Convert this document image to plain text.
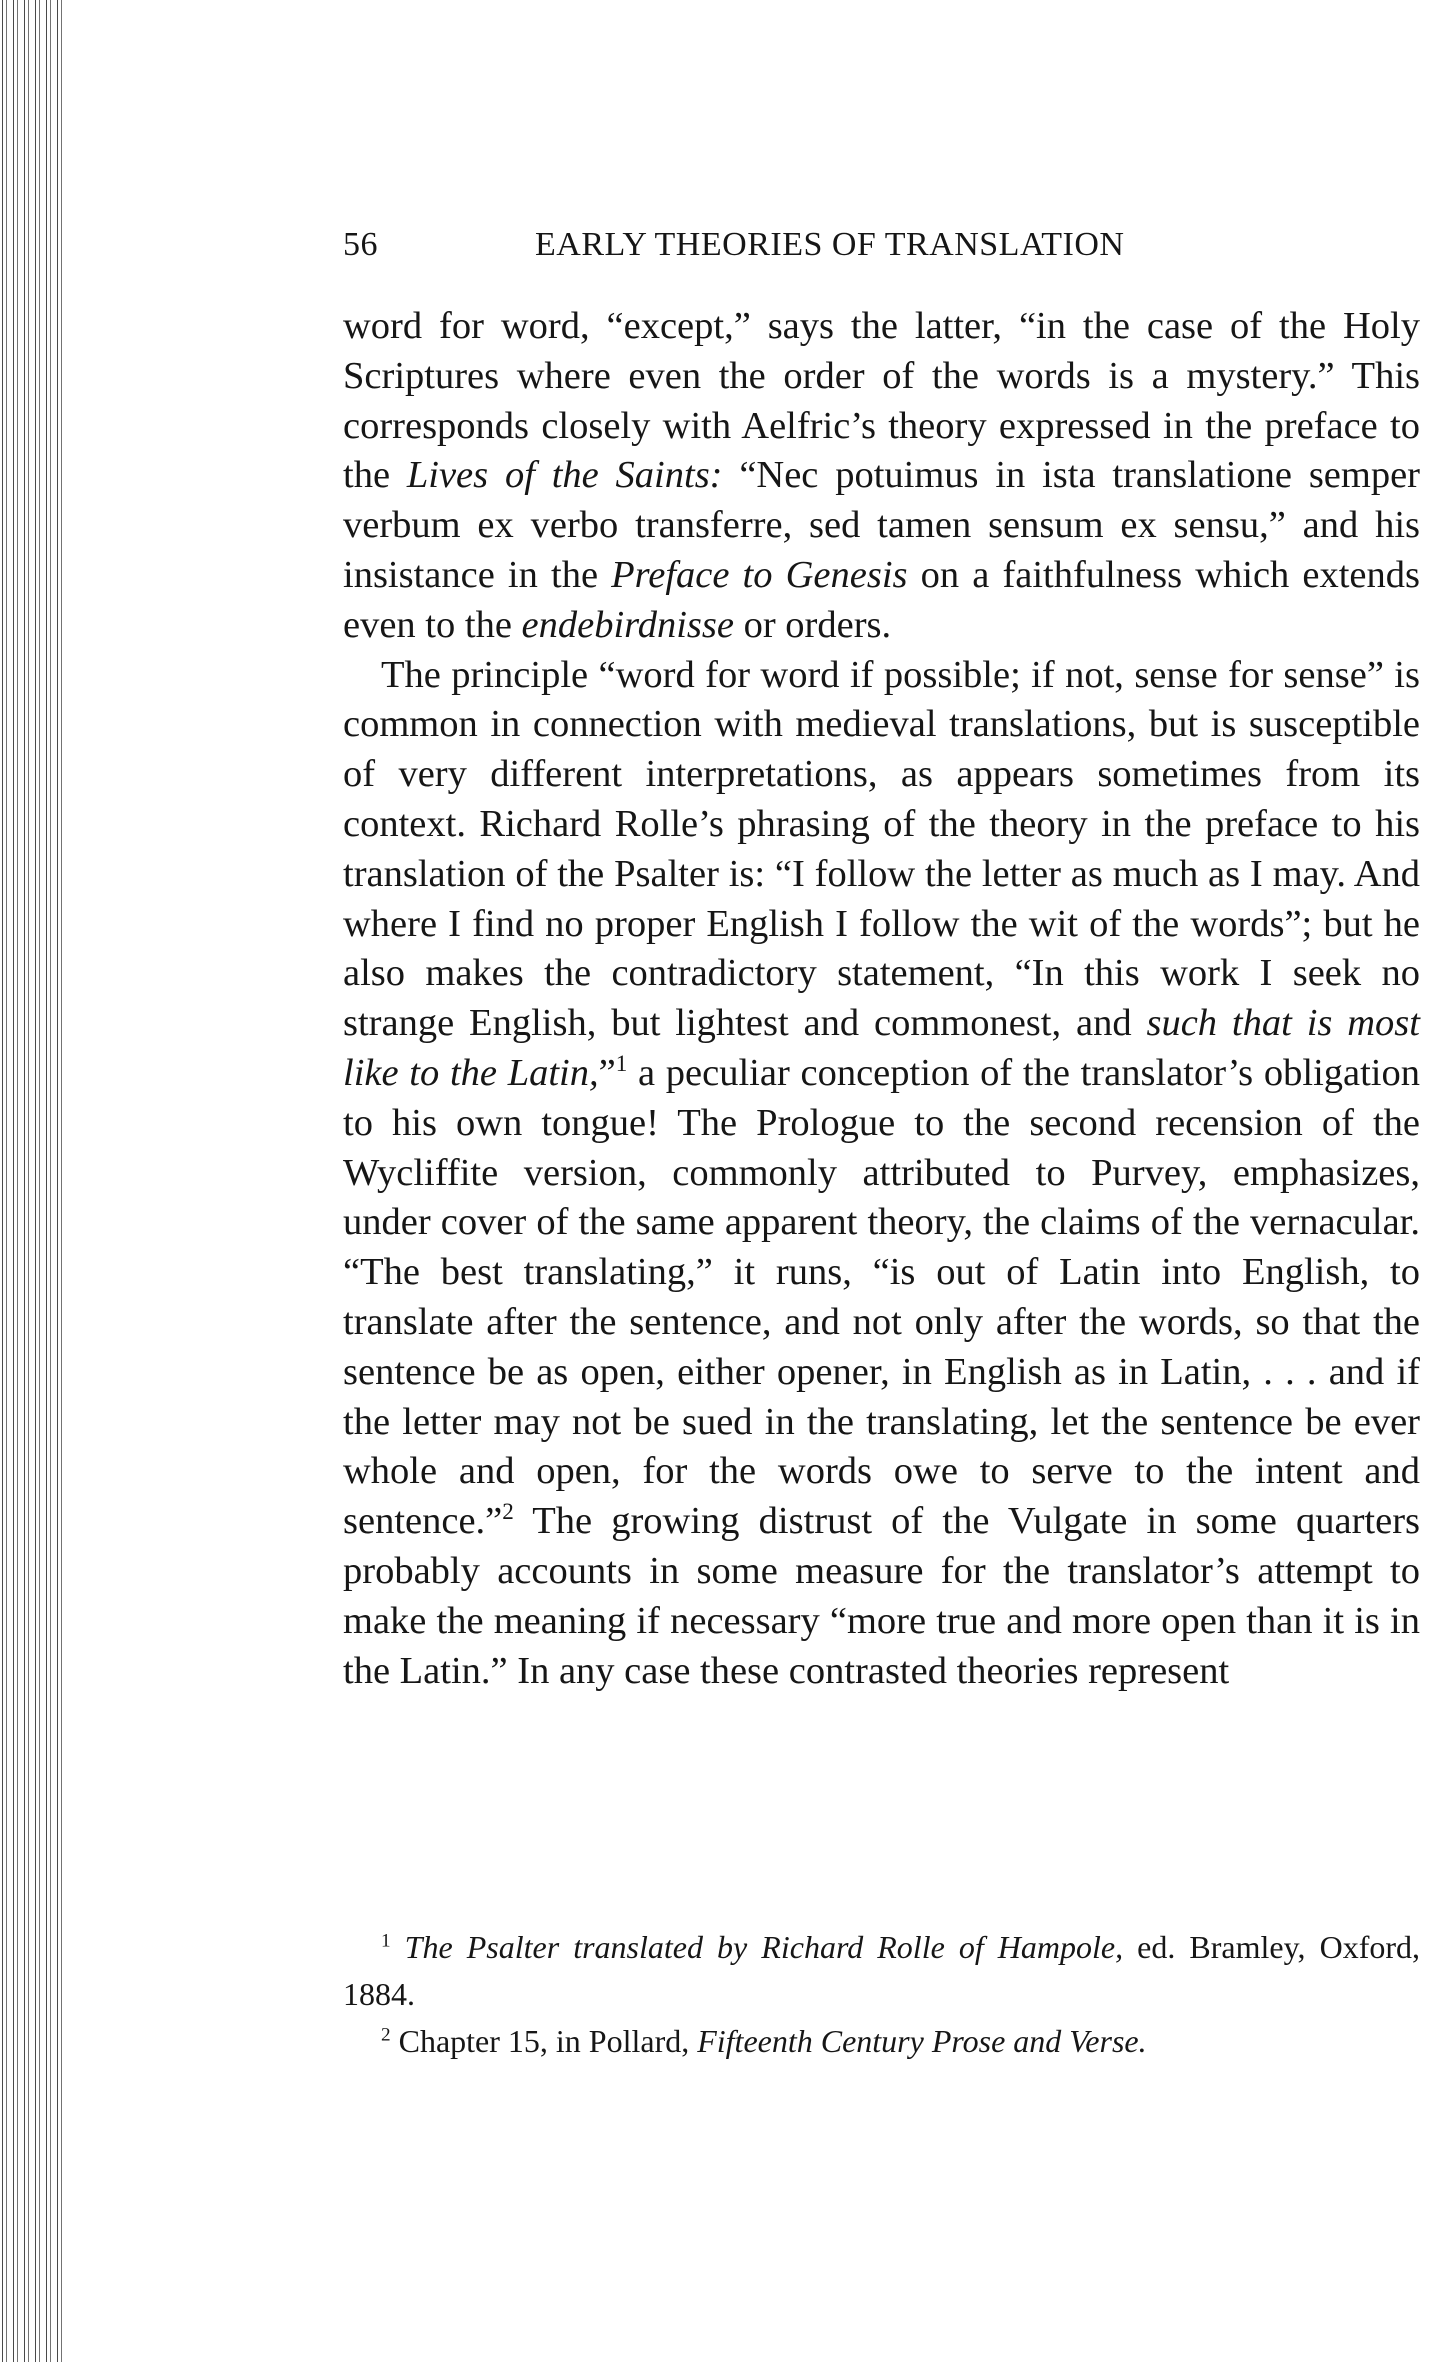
56	EARLY THEORIES OF TRANSLATION

word for word, “except,” says the latter, “in the case of the Holy Scriptures where even the order of the words is a mystery.” This corresponds closely with Aelfric’s theory expressed in the preface to the Lives of the Saints: “Nec potuimus in ista translatione semper verbum ex verbo transferre, sed tamen sensum ex sensu,” and his insistance in the Preface to Genesis on a faithfulness which extends even to the endebirdnisse or orders.

The principle “word for word if possible; if not, sense for sense” is common in connection with medieval translations, but is susceptible of very different interpretations, as appears sometimes from its context. Richard Rolle’s phrasing of the theory in the preface to his translation of the Psalter is: “I follow the letter as much as I may. And where I find no proper English I follow the wit of the words”; but he also makes the contradictory statement, “In this work I seek no strange English, but lightest and commonest, and such that is most like to the Latin,”$^1$ a peculiar conception of the translator’s obligation to his own tongue! The Prologue to the second recension of the Wycliffite version, commonly attributed to Purvey, emphasizes, under cover of the same apparent theory, the claims of the vernacular. “The best translating,” it runs, “is out of Latin into English, to translate after the sentence, and not only after the words, so that the sentence be as open, either opener, in English as in Latin, . . . and if the letter may not be sued in the translating, let the sentence be ever whole and open, for the words owe to serve to the intent and sentence.”$^2$ The growing distrust of the Vulgate in some quarters probably accounts in some measure for the translator’s attempt to make the meaning if necessary “more true and more open than it is in the Latin.” In any case these contrasted theories represent

$^1$ The Psalter translated by Richard Rolle of Hampole, ed. Bramley, Oxford, 1884.

$^2$ Chapter 15, in Pollard, Fifteenth Century Prose and Verse.
